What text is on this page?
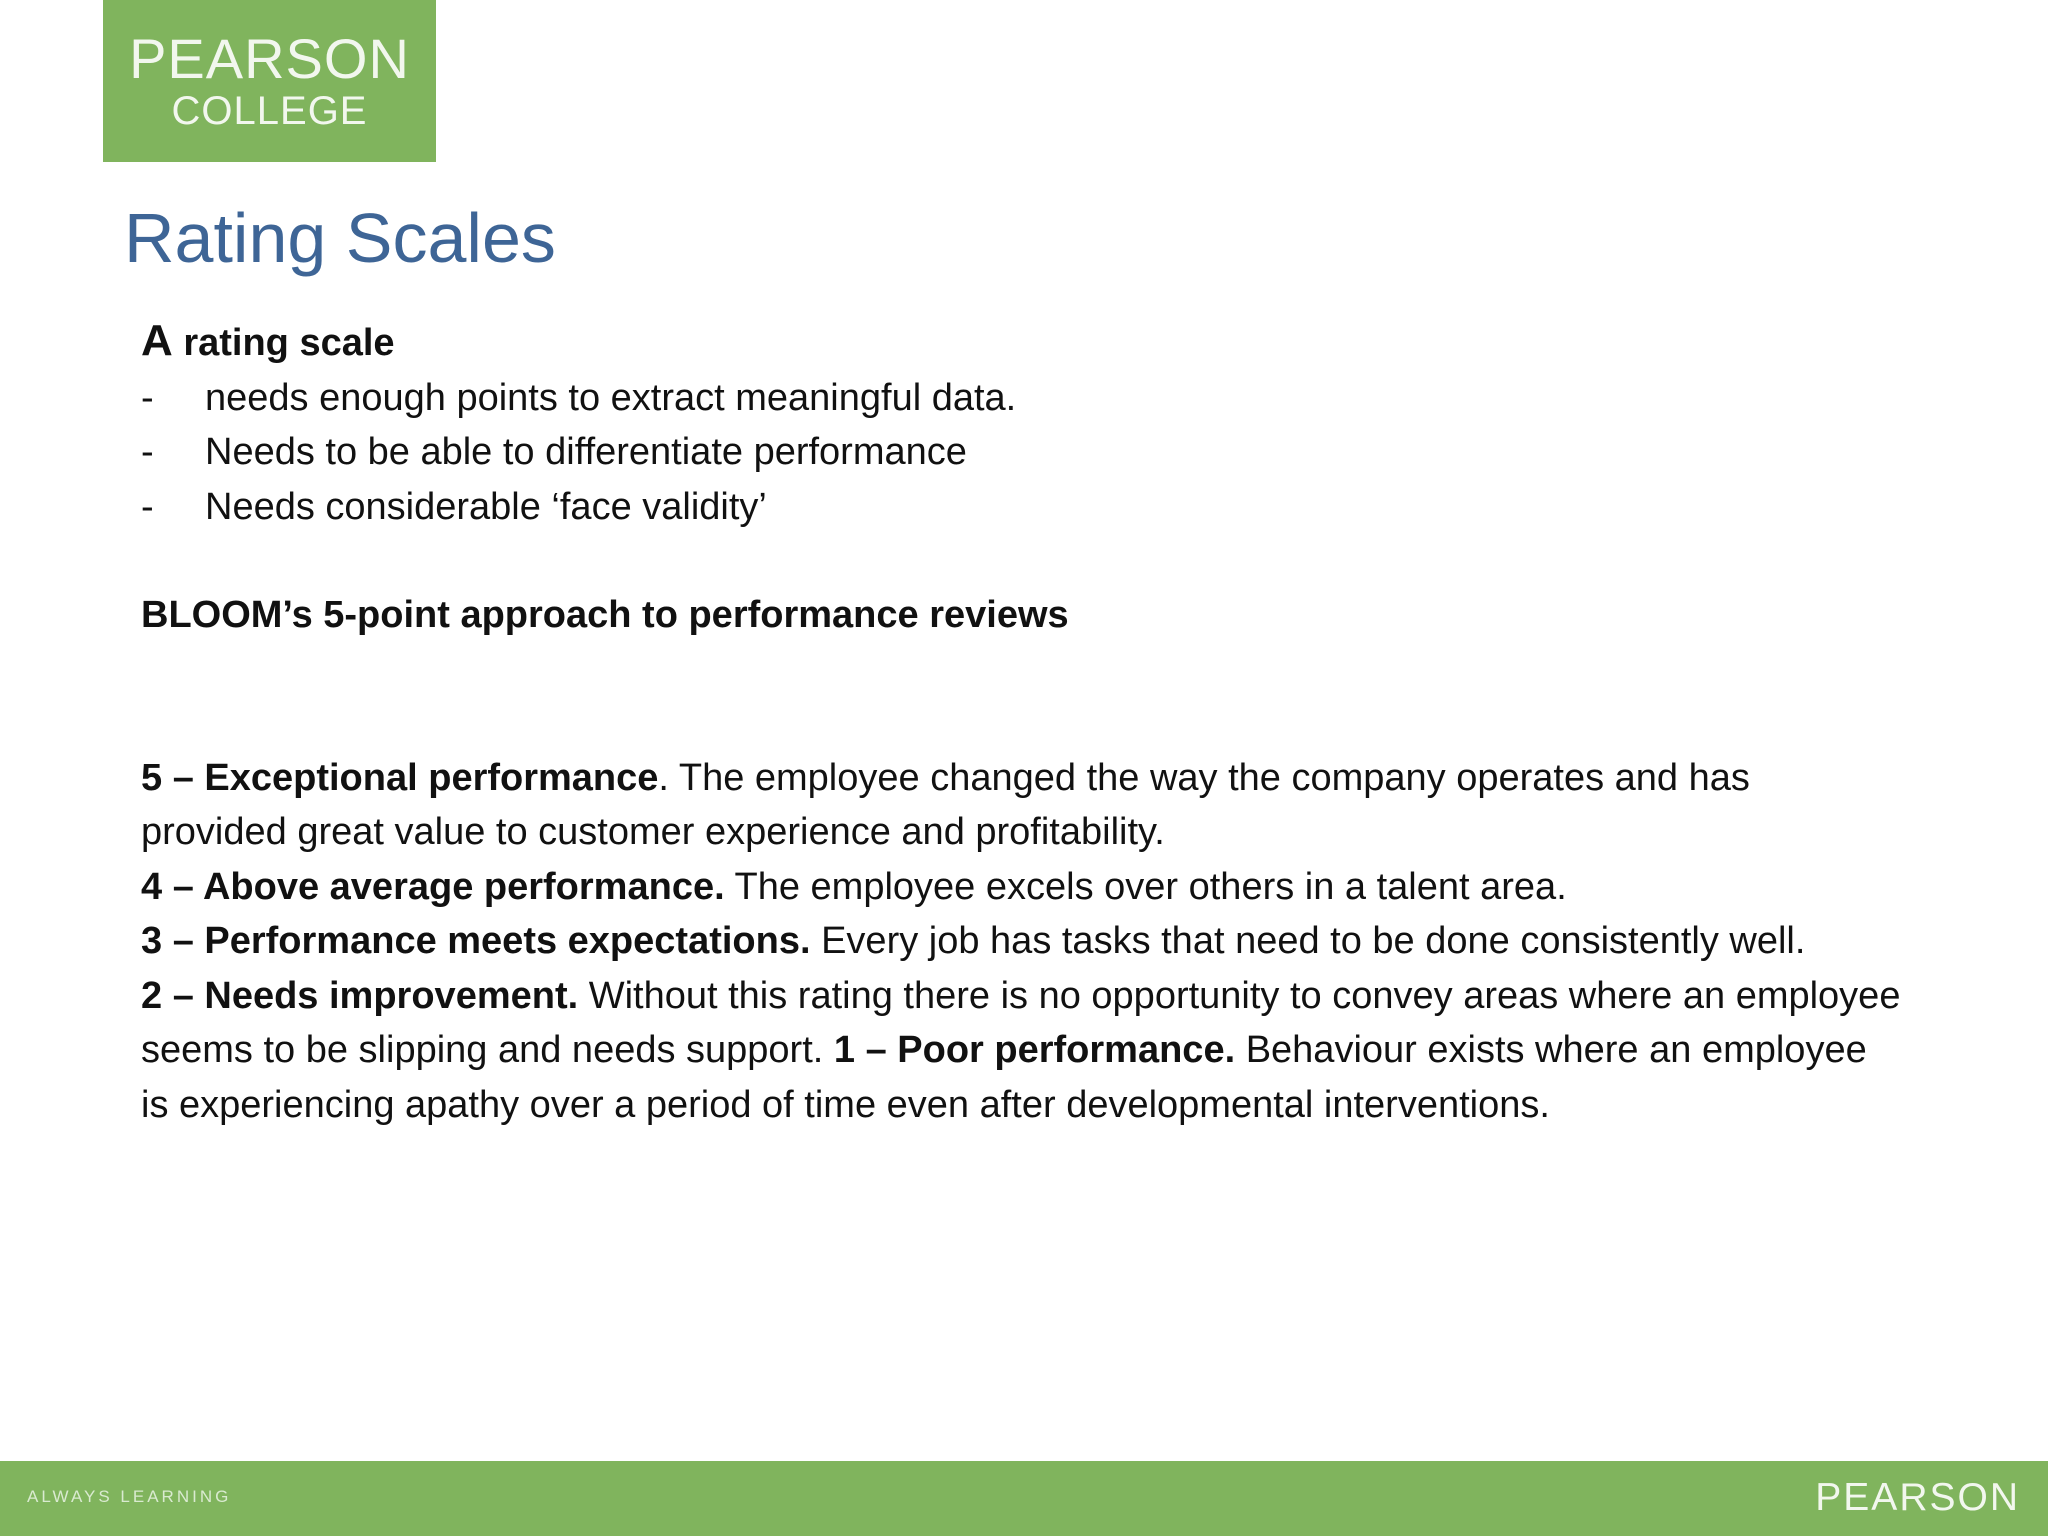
PEARSON
COLLEGE
Rating Scales

A rating scale

-	needs enough points to extract meaningful data.
-	Needs to be able to differentiate performance
-	Needs considerable ‘face validity’

BLOOM’s 5-point approach to performance reviews

5 – Exceptional performance. The employee changed the way the company operates and has provided great value to customer experience and profitability.
4 – Above average performance. The employee excels over others in a talent area.
3 – Performance meets expectations. Every job has tasks that need to be done consistently well.
2 – Needs improvement. Without this rating there is no opportunity to convey areas where an employee seems to be slipping and needs support. 1 – Poor performance. Behaviour exists where an employee is experiencing apathy over a period of time even after developmental interventions.
ALWAYS LEARNING	PEARSON
